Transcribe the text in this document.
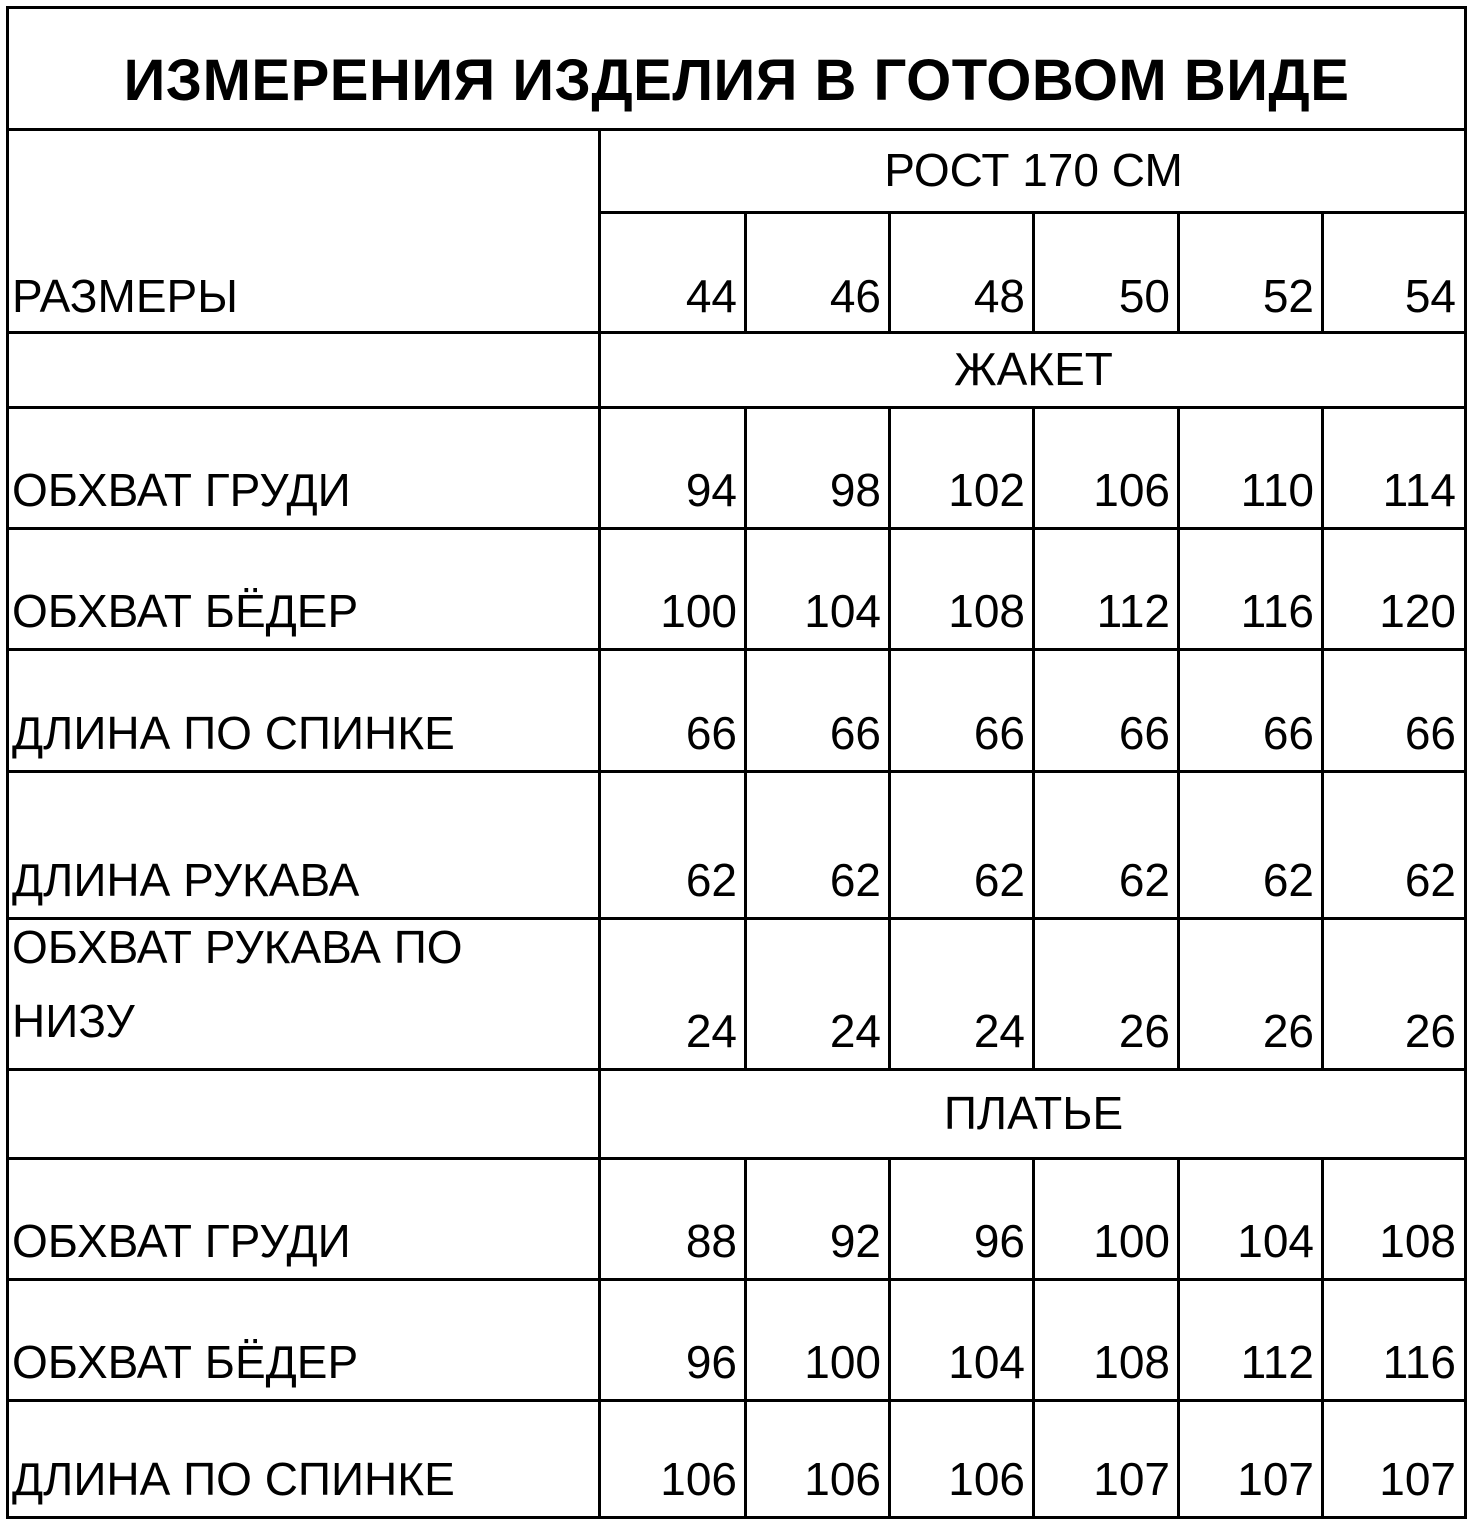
ИЗМЕРЕНИЯ ИЗДЕЛИЯ В ГОТОВОМ ВИДЕ
РОСТ 170 СМ
РАЗМЕРЫ	44	46	48	50	52	54
ЖАКЕТ
ОБХВАТ ГРУДИ	94	98	102	106	110	114
ОБХВАТ БЁДЕР	100	104	108	112	116	120
ДЛИНА ПО СПИНКЕ	66	66	66	66	66	66
ДЛИНА РУКАВА	62	62	62	62	62	62
ОБХВАТ РУКАВА ПО
НИЗУ	24	24	24	26	26	26
ПЛАТЬЕ
ОБХВАТ ГРУДИ	88	92	96	100	104	108
ОБХВАТ БЁДЕР	96	100	104	108	112	116
ДЛИНА ПО СПИНКЕ	106	106	106	107	107	107
